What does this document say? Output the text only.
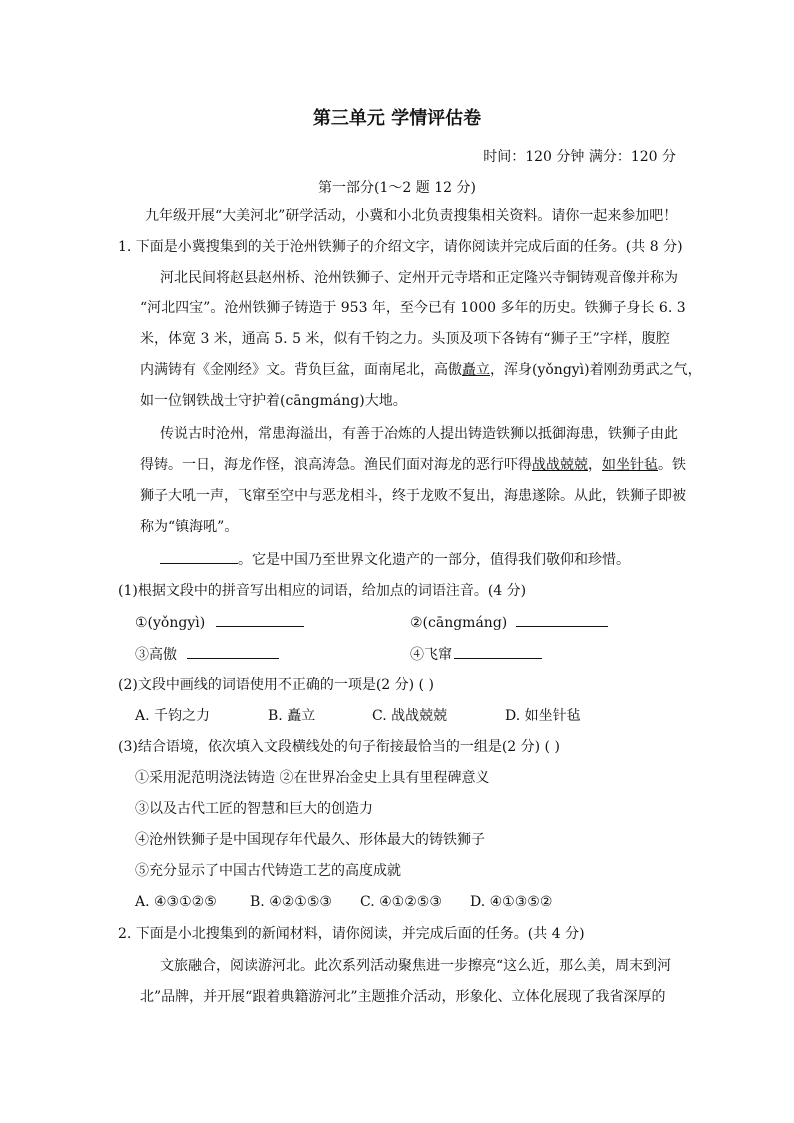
第三单元 学情评估卷
时间：120 分钟 满分：120 分
第一部分(1～2 题 12 分)
九年级开展“大美河北”研学活动，小冀和小北负责搜集相关资料。请你一起来参加吧！
1. 下面是小冀搜集到的关于沧州铁狮子的介绍文字，请你阅读并完成后面的任务。(共 8 分)
河北民间将赵县赵州桥、沧州铁狮子、定州开元寺塔和正定隆兴寺铜铸观音像并称为
“河北四宝”。沧州铁狮子铸造于 953 年，至今已有 1000 多年的历史。铁狮子身长 6. 3
米，体宽 3 米，通高 5. 5 米，似有千钧之力。头顶及项下各铸有“狮子王”字样，腹腔
内满铸有《金刚经》文。背负巨盆，面南尾北，高傲矗立，浑身(yǒngyì)着刚劲勇武之气，
如一位钢铁战士守护着(cāngmáng)大地。
传说古时沧州，常患海溢出，有善于冶炼的人提出铸造铁狮以抵御海患，铁狮子由此
得铸。一日，海龙作怪，浪高涛急。渔民们面对海龙的恶行吓得战战兢兢，如坐针毡。铁
狮子大吼一声，飞窜至空中与恶龙相斗，终于龙败不复出，海患遂除。从此，铁狮子即被
称为“镇海吼”。
。它是中国乃至世界文化遗产的一部分，值得我们敬仰和珍惜。
(1)根据文段中的拼音写出相应的词语，给加点的词语注音。(4 分)
①(yǒngyì)	②(cāngmáng)
③高傲	④飞窜
(2)文段中画线的词语使用不正确的一项是(2 分) ( )
A. 千钧之力	B. 矗立	C. 战战兢兢	D. 如坐针毡
(3)结合语境，依次填入文段横线处的句子衔接最恰当的一组是(2 分) ( )
①采用泥范明浇法铸造 ②在世界冶金史上具有里程碑意义
③以及古代工匠的智慧和巨大的创造力
④沧州铁狮子是中国现存年代最久、形体最大的铸铁狮子
⑤充分显示了中国古代铸造工艺的高度成就
A. ④③①②⑤ B. ④②①⑤③ C. ④①②⑤③ D. ④①③⑤②
2. 下面是小北搜集到的新闻材料，请你阅读，并完成后面的任务。(共 4 分)
文旅融合，阅读游河北。此次系列活动聚焦进一步擦亮“这么近，那么美，周末到河
北”品牌，并开展“跟着典籍游河北”主题推介活动，形象化、立体化展现了我省深厚的
